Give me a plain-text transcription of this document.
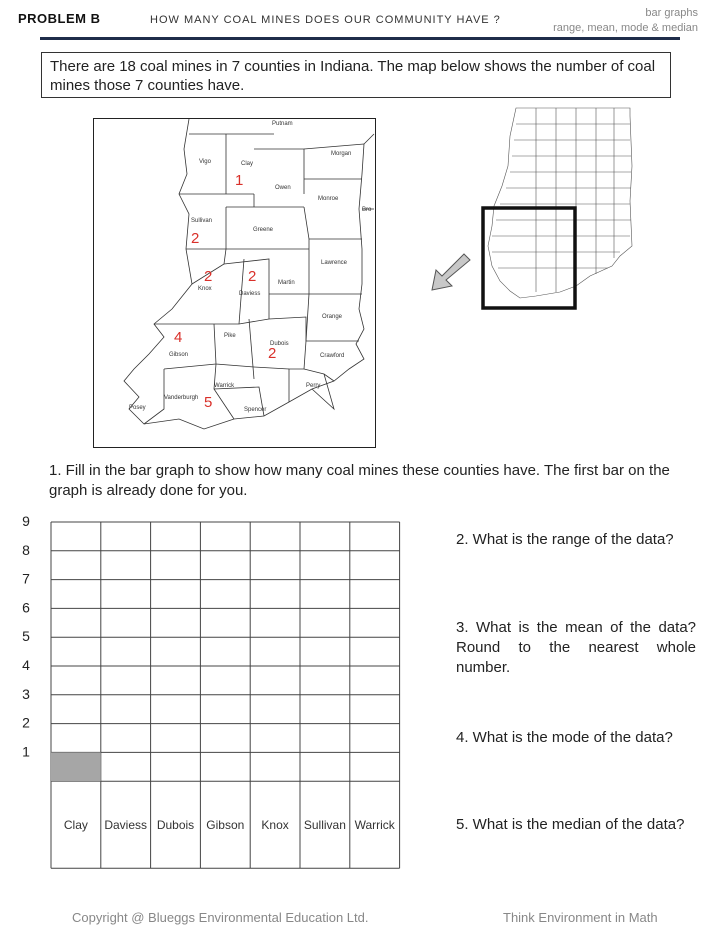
PROBLEM B	HOW MANY COAL MINES DOES OUR COMMUNITY HAVE ?
bar graphs
range, mean, mode & median
There are 18 coal mines in 7 counties in Indiana. The map below shows the number of coal mines those 7 counties have.
Putnam
Vigo	Clay
Owen
Morgan
Monroe
Bro
Sullivan
Greene
Lawrence
Knox
Daviess
Martin
Orange
Gibson
Pike
Dubois
Crawford
Warrick	Perry
Vanderburgh
Posey	Spencer
1
2
2 2
4
2
5
1. Fill in the bar graph to show how many coal mines these counties have. The first bar on the graph is already done for you.
1
2
3
4
5
6
7
8
9
Clay Daviess Dubois Gibson Knox Sullivan Warrick
2. What is the range of the data?
3. What is the mean of the data? Round to the nearest whole number.
4. What is the mode of the data?
5. What is the median of the data?
Copyright @ Blueggs Environmental Education Ltd.	Think Environment in Math
